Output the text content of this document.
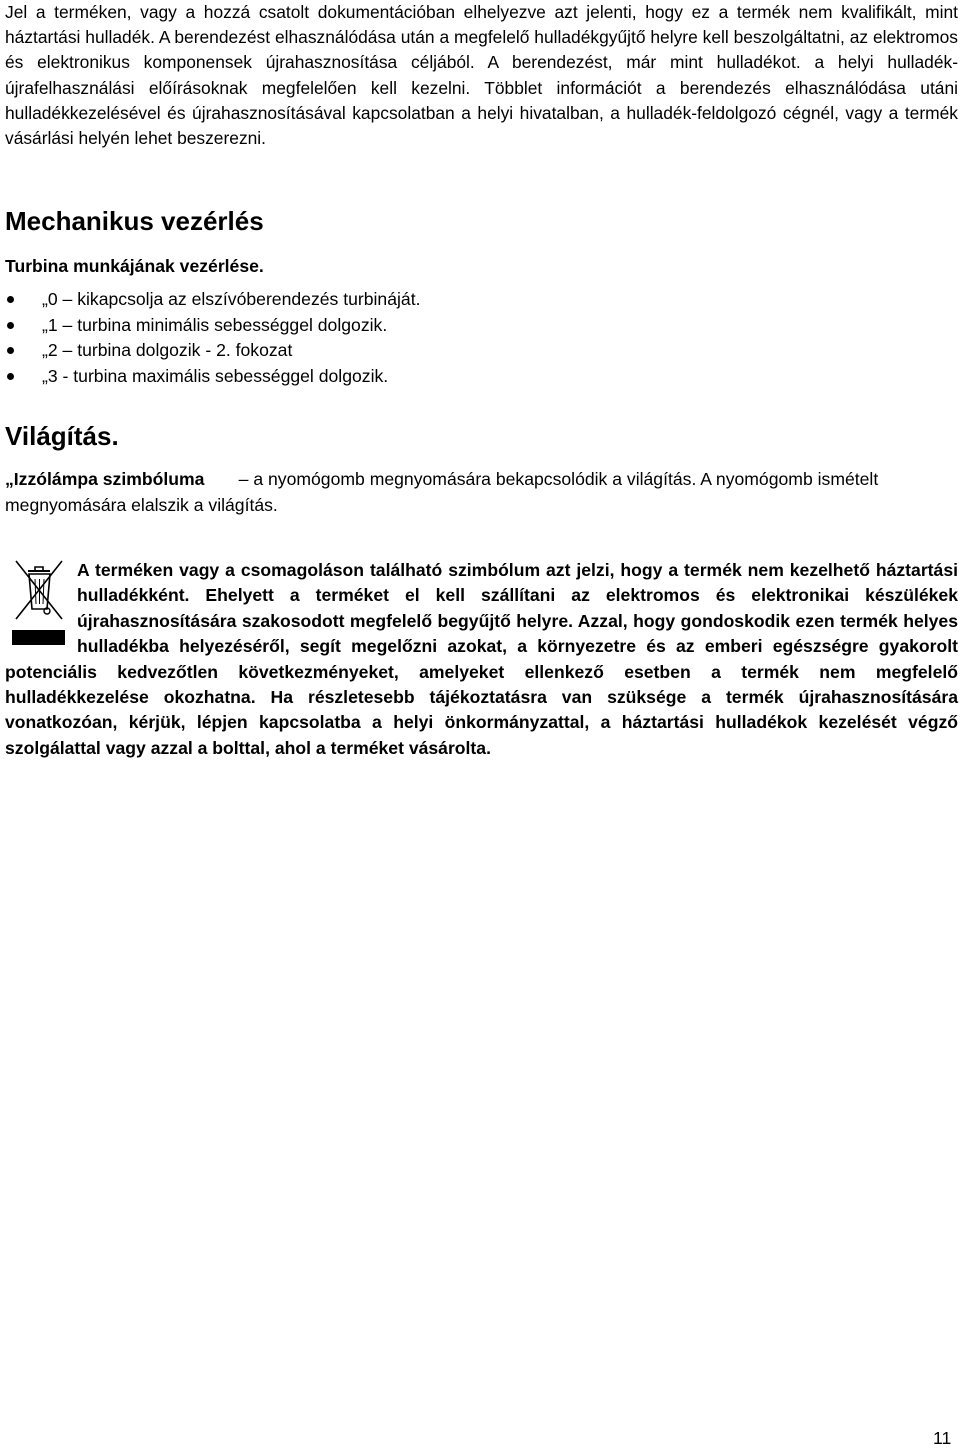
Jel a terméken, vagy a hozzá csatolt dokumentációban elhelyezve azt jelenti, hogy ez a termék nem kvalifikált, mint háztartási hulladék. A berendezést elhasználódása után a megfelelő hulladékgyűjtő helyre kell beszolgáltatni, az elektromos és elektronikus komponensek újrahasznosítása céljából. A berendezést, már mint hulladékot. a helyi hulladék-újrafelhasználási előírásoknak megfelelően kell kezelni. Többlet információt a berendezés elhasználódása utáni hulladékkezelésével és újrahasznosításával kapcsolatban a helyi hivatalban, a hulladék-feldolgozó cégnél, vagy a termék vásárlási helyén lehet beszerezni.

Mechanikus vezérlés

Turbina munkájának vezérlése.

„0 – kikapcsolja az elszívóberendezés turbináját.
„1 – turbina minimális sebességgel dolgozik.
„2 – turbina dolgozik - 2. fokozat
„3 - turbina maximális sebességgel dolgozik.
Világítás.

„Izzólámpa szimbóluma – a nyomógomb megnyomására bekapcsolódik a világítás. A nyomógomb ismételt megnyomására elalszik a világítás.

A terméken vagy a csomagoláson található szimbólum azt jelzi, hogy a termék nem kezelhető háztartási hulladékként. Ehelyett a terméket el kell szállítani az elektromos és elektronikai készülékek újrahasznosítására szakosodott megfelelő begyűjtő helyre. Azzal, hogy gondoskodik ezen termék helyes hulladékba helyezéséről, segít megelőzni azokat, a környezetre és az emberi egészségre gyakorolt potenciális kedvezőtlen következményeket, amelyeket ellenkező esetben a termék nem megfelelő hulladékkezelése okozhatna. Ha részletesebb tájékoztatásra van szüksége a termék újrahasznosítására vonatkozóan, kérjük, lépjen kapcsolatba a helyi önkormányzattal, a háztartási hulladékok kezelését végző szolgálattal vagy azzal a bolttal, ahol a terméket vásárolta.

11
